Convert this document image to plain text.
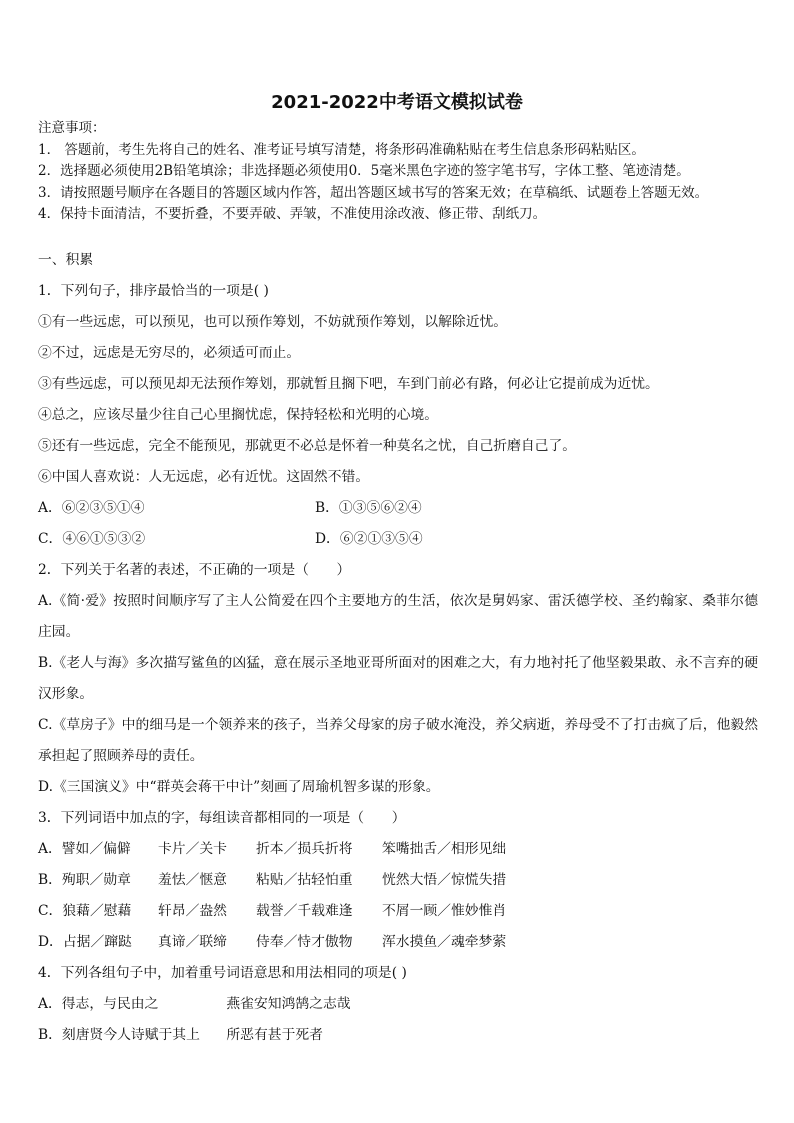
2021-2022中考语文模拟试卷
注意事项：
1． 答题前，考生先将自己的姓名、准考证号填写清楚，将条形码准确粘贴在考生信息条形码粘贴区。
2．选择题必须使用2B铅笔填涂；非选择题必须使用0．5毫米黑色字迹的签字笔书写，字体工整、笔迹清楚。
3．请按照题号顺序在各题目的答题区域内作答，超出答题区域书写的答案无效；在草稿纸、试题卷上答题无效。
4．保持卡面清洁，不要折叠，不要弄破、弄皱，不准使用涂改液、修正带、刮纸刀。
一、积累
1．下列句子，排序最恰当的一项是( )
①有一些远虑，可以预见，也可以预作筹划，不妨就预作筹划，以解除近忧。
②不过，远虑是无穷尽的，必须适可而止。
③有些远虑，可以预见却无法预作筹划，那就暂且搁下吧，车到门前必有路，何必让它提前成为近忧。
④总之，应该尽量少往自己心里搁忧虑，保持轻松和光明的心境。
⑤还有一些远虑，完全不能预见，那就更不必总是怀着一种莫名之忧，自己折磨自己了。
⑥中国人喜欢说：人无远虑，必有近忧。这固然不错。
A．⑥②③⑤①④	B．①③⑤⑥②④
C．④⑥①⑤③②	D．⑥②①③⑤④
2．下列关于名著的表述，不正确的一项是（　　）
A.《简·爱》按照时间顺序写了主人公简爱在四个主要地方的生活，依次是舅妈家、雷沃德学校、圣约翰家、桑菲尔德庄园。
B.《老人与海》多次描写鲨鱼的凶猛，意在展示圣地亚哥所面对的困难之大，有力地衬托了他坚毅果敢、永不言弃的硬汉形象。
C.《草房子》中的细马是一个领养来的孩子，当养父母家的房子破水淹没，养父病逝，养母受不了打击疯了后，他毅然承担起了照顾养母的责任。
D.《三国演义》中“群英会蒋干中计”刻画了周瑜机智多谋的形象。
3．下列词语中加点的字，每组读音都相同的一项是（　　）
A．譬如／偏僻	卡片／关卡	折本／损兵折将	笨嘴拙舌／相形见绌
B．殉职／勋章	羞怯／惬意	粘贴／拈轻怕重	恍然大悟／惊慌失措
C．狼藉／慰藉	轩昂／盎然	载誉／千载难逢	不屑一顾／惟妙惟肖
D．占据／蹿跶	真谛／联缔	侍奉／恃才傲物	浑水摸鱼／魂牵梦萦
4．下列各组句子中，加着重号词语意思和用法相同的项是( )
A．得志，与民由之	燕雀安知鸿鹄之志哉
B．刻唐贤今人诗赋于其上 所恶有甚于死者
